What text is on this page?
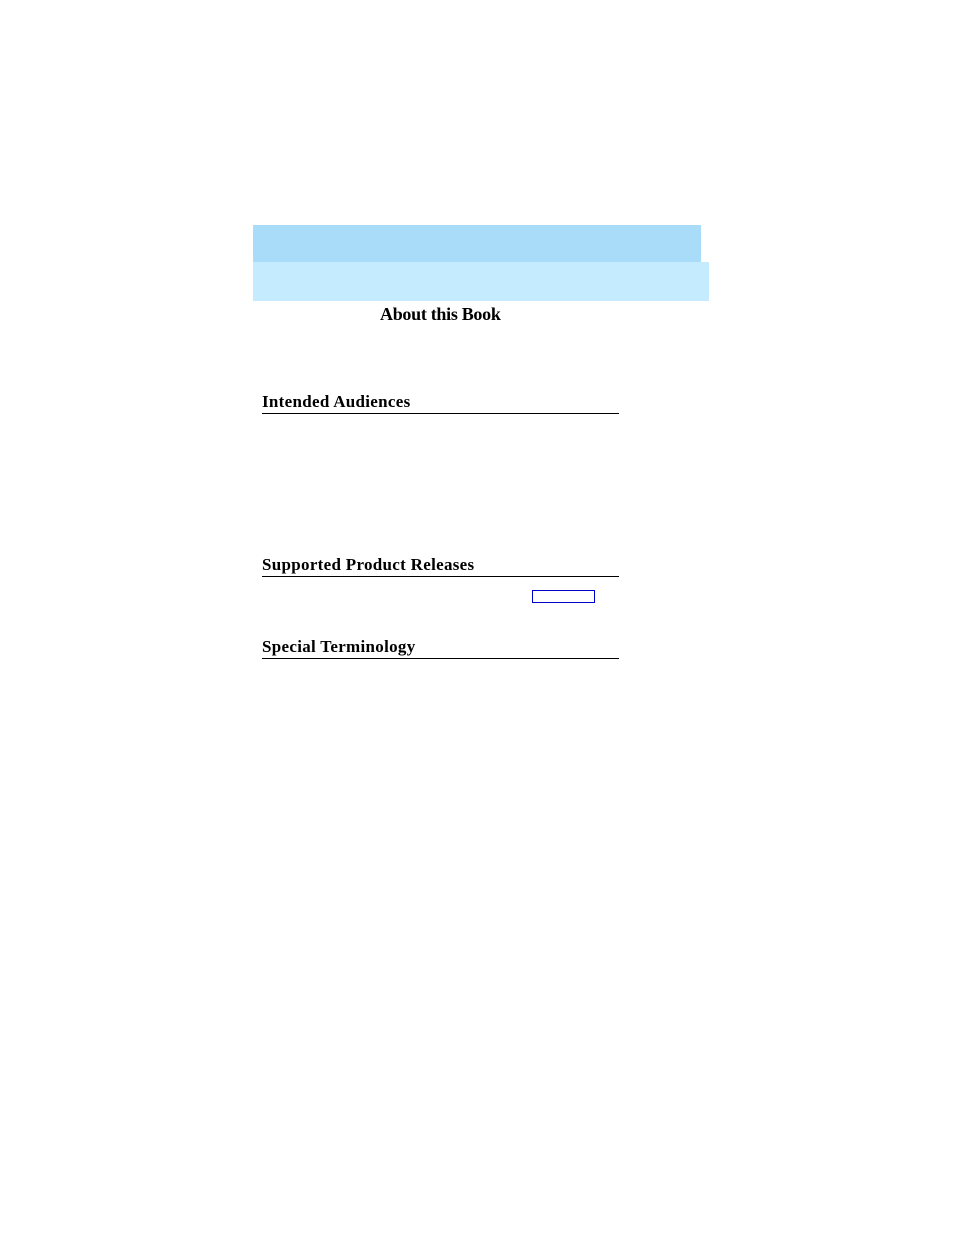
About this Book
Intended Audiences
Supported Product Releases
Special Terminology
